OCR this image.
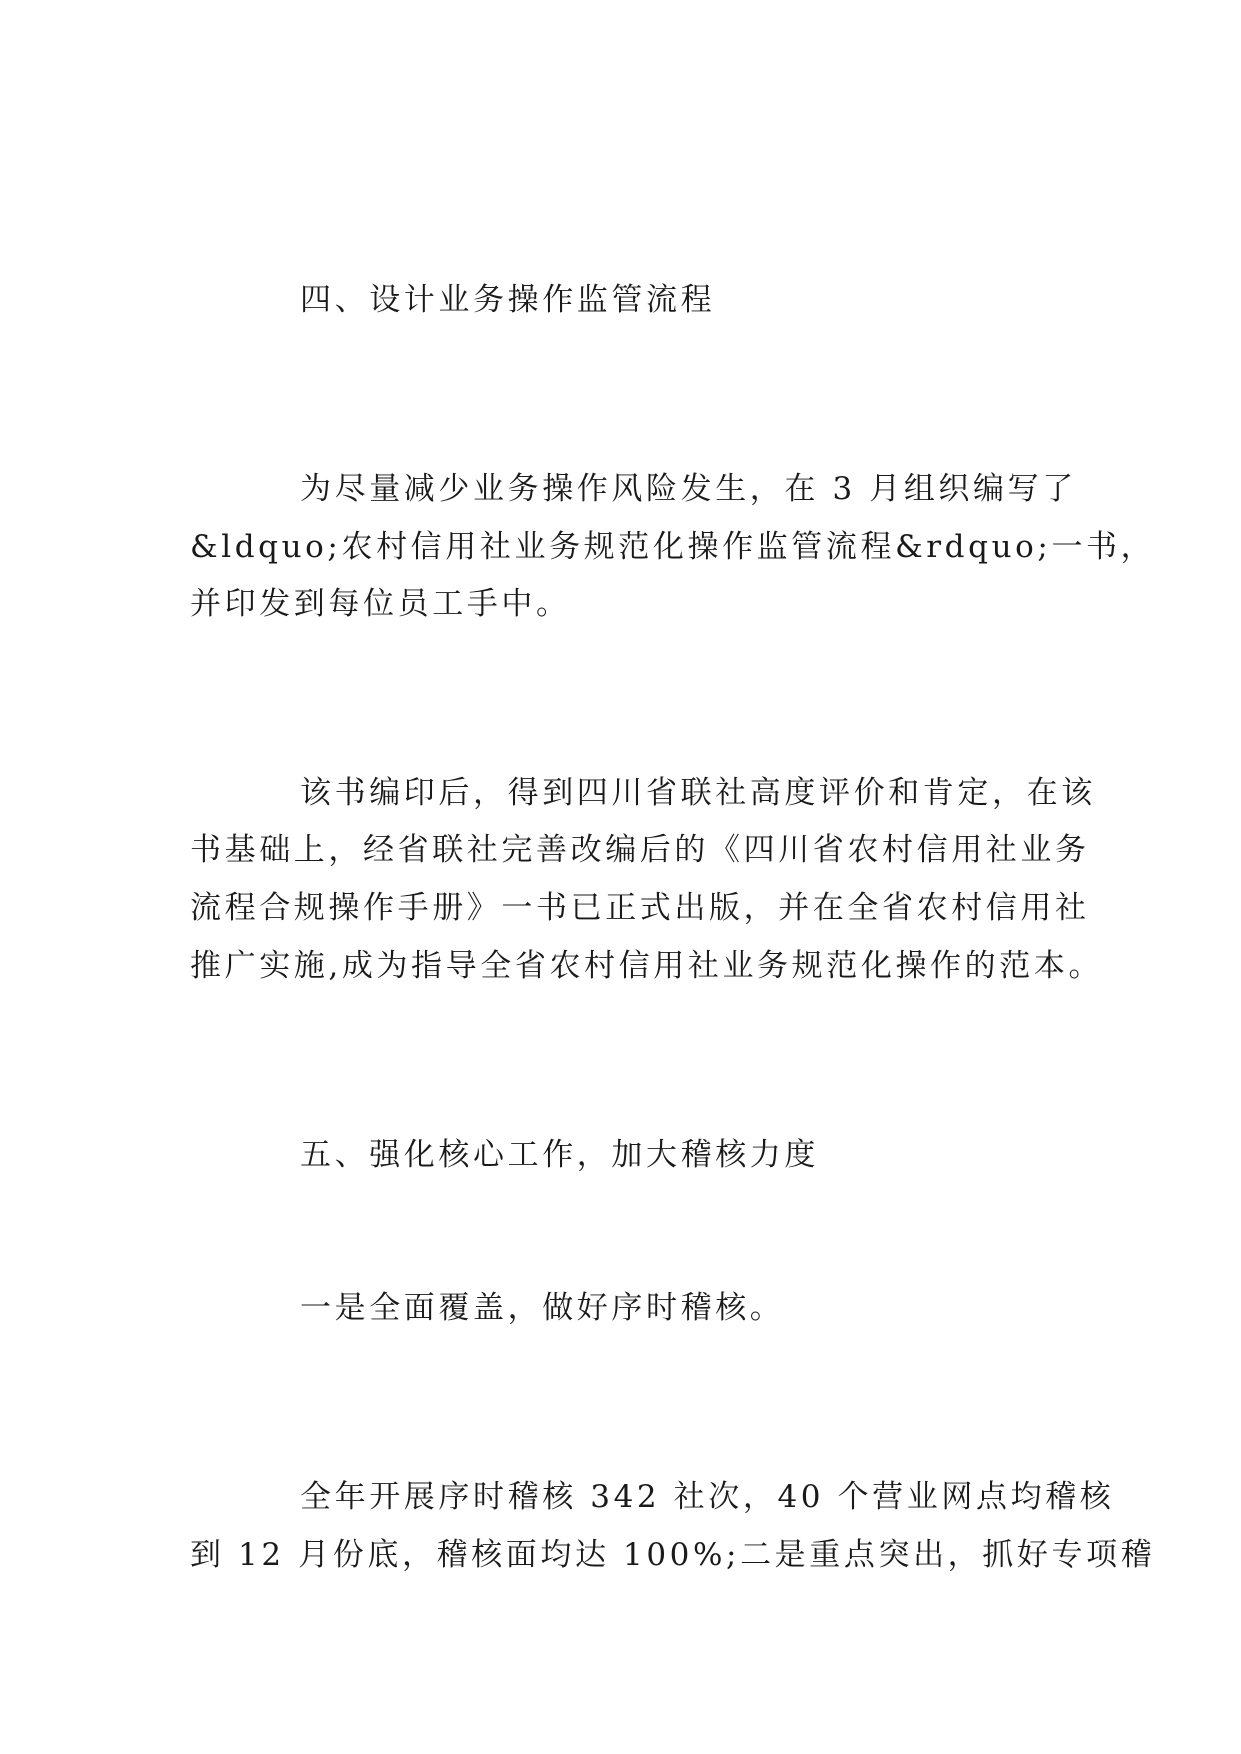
四、设计业务操作监管流程
为尽量减少业务操作风险发生，在 3 月组织编写了
&ldquo;农村信用社业务规范化操作监管流程&rdquo;一书，
并印发到每位员工手中。
该书编印后，得到四川省联社高度评价和肯定，在该
书基础上，经省联社完善改编后的《四川省农村信用社业务
流程合规操作手册》一书已正式出版，并在全省农村信用社
推广实施,成为指导全省农村信用社业务规范化操作的范本。
五、强化核心工作，加大稽核力度
一是全面覆盖，做好序时稽核。
全年开展序时稽核 342 社次，40 个营业网点均稽核
到 12 月份底，稽核面均达 100%;二是重点突出，抓好专项稽
